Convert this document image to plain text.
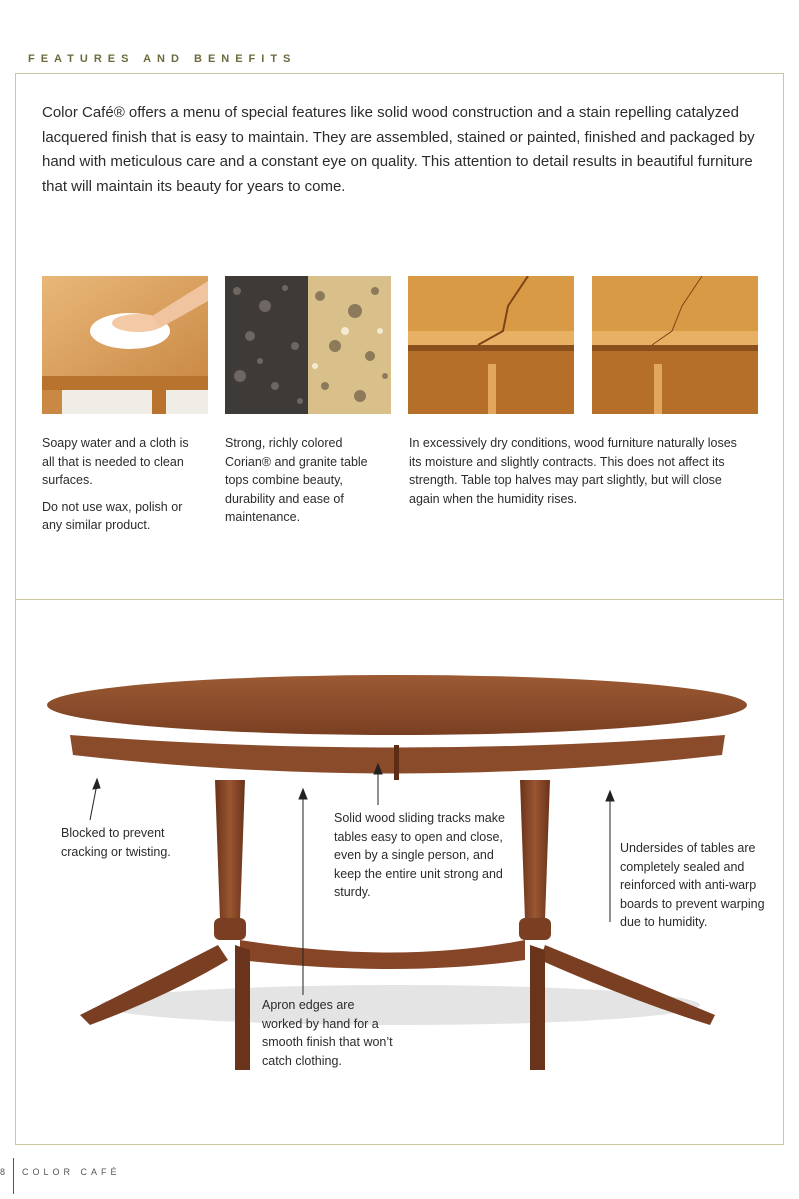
FEATURES AND BENEFITS
Color Café® offers a menu of special features like solid wood construction and a stain repelling catalyzed lacquered finish that is easy to maintain. They are assembled, stained or painted, finished and packaged by hand with meticulous care and a constant eye on quality. This attention to detail results in beautiful furniture that will maintain its beauty for years to come.

Soapy water and a cloth is all that is needed to clean surfaces.

Do not use wax, polish or any similar product.

Strong, richly colored Corian® and granite table tops combine beauty, durability and ease of maintenance.

In excessively dry conditions, wood furniture naturally loses its moisture and slightly contracts. This does not affect its strength. Table top halves may part slightly, but will close again when the humidity rises.

Blocked to prevent cracking or twisting.
Solid wood sliding tracks make tables easy to open and close, even by a single person, and keep the entire unit strong and sturdy.
Undersides of tables are completely sealed and reinforced with anti-warp boards to prevent warping due to humidity.
Apron edges are worked by hand for a smooth finish that won’t catch clothing.
8 COLOR CAFÉ
